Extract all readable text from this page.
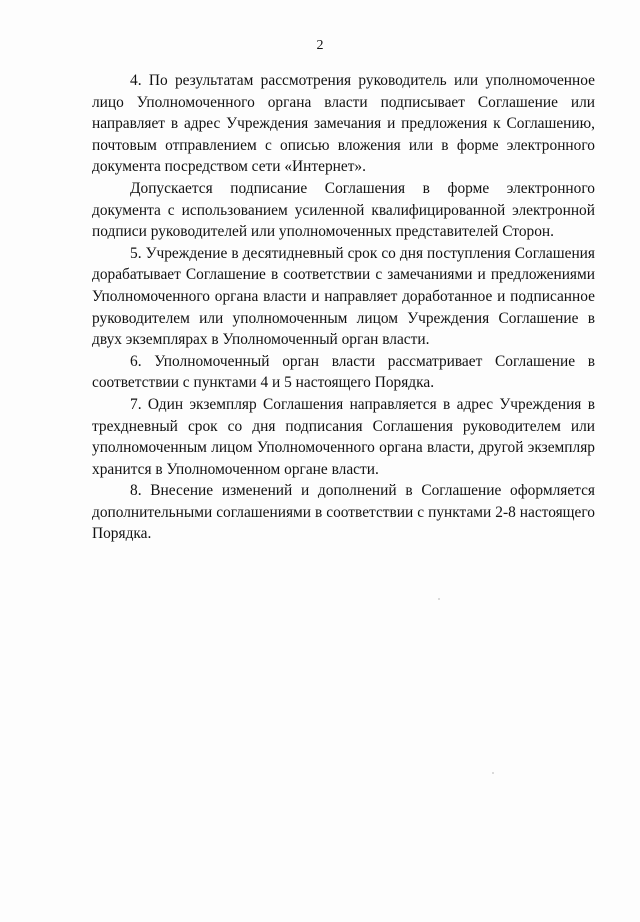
2

4. По результатам рассмотрения руководитель или уполномоченное лицо Уполномоченного органа власти подписывает Соглашение или направляет в адрес Учреждения замечания и предложения к Соглашению, почтовым отправлением с описью вложения или в форме электронного документа посредством сети «Интернет».

Допускается подписание Соглашения в форме электронного документа с использованием усиленной квалифицированной электронной подписи руководителей или уполномоченных представителей Сторон.

5. Учреждение в десятидневный срок со дня поступления Соглашения дорабатывает Соглашение в соответствии с замечаниями и предложениями Уполномоченного органа власти и направляет доработанное и подписанное руководителем или уполномоченным лицом Учреждения Соглашение в двух экземплярах в Уполномоченный орган власти.

6. Уполномоченный орган власти рассматривает Соглашение в соответствии с пунктами 4 и 5 настоящего Порядка.

7. Один экземпляр Соглашения направляется в адрес Учреждения в трехдневный срок со дня подписания Соглашения руководителем или уполномоченным лицом Уполномоченного органа власти, другой экземпляр хранится в Уполномоченном органе власти.

8. Внесение изменений и дополнений в Соглашение оформляется дополнительными соглашениями в соответствии с пунктами 2-8 настоящего Порядка.
